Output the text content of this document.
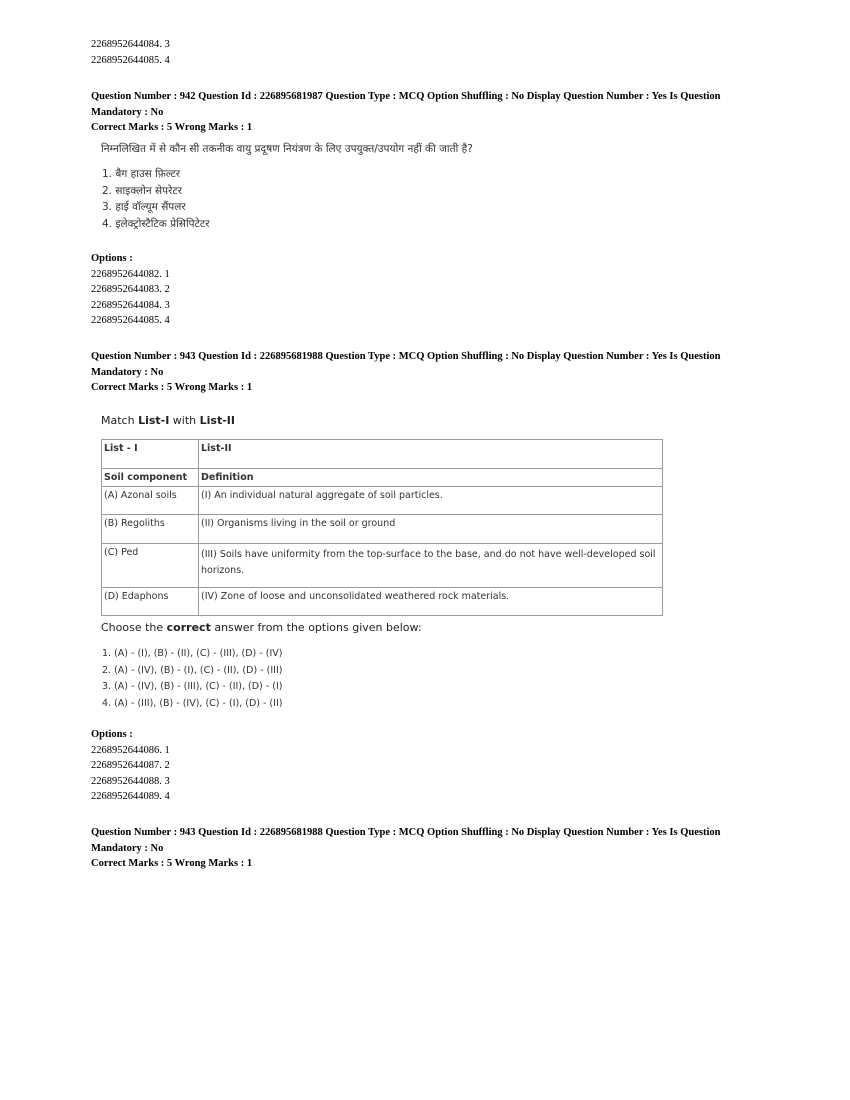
2268952644084. 3
2268952644085. 4
Question Number : 942 Question Id : 226895681987 Question Type : MCQ Option Shuffling : No Display Question Number : Yes Is Question
Mandatory : No
Correct Marks : 5 Wrong Marks : 1
निम्नलिखित में से कौन सी तकनीक वायु प्रदूषण नियंत्रण के लिए उपयुक्त/उपयोग नहीं की जाती है?
1. बैग हाउस फ़िल्टर
2. साइक्लोन सेपरेटर
3. हाई वॉल्यूम सैंपलर
4. इलेक्ट्रोस्टैटिक प्रेसिपिटेटर
Options :
2268952644082. 1
2268952644083. 2
2268952644084. 3
2268952644085. 4
Question Number : 943 Question Id : 226895681988 Question Type : MCQ Option Shuffling : No Display Question Number : Yes Is Question
Mandatory : No
Correct Marks : 5 Wrong Marks : 1
Match List-I with List-II
List - I	List-II
Soil component	Definition
(A) Azonal soils	(I) An individual natural aggregate of soil particles.
(B) Regoliths	(II) Organisms living in the soil or ground
(C) Ped	(III) Soils have uniformity from the top-surface to the base, and do not have well-developed soil horizons.
(D) Edaphons	(IV) Zone of loose and unconsolidated weathered rock materials.
Choose the correct answer from the options given below:
1. (A) - (I), (B) - (II), (C) - (III), (D) - (IV)
2. (A) - (IV), (B) - (I), (C) - (II), (D) - (III)
3. (A) - (IV), (B) - (III), (C) - (II), (D) - (I)
4. (A) - (III), (B) - (IV), (C) - (I), (D) - (II)
Options :
2268952644086. 1
2268952644087. 2
2268952644088. 3
2268952644089. 4
Question Number : 943 Question Id : 226895681988 Question Type : MCQ Option Shuffling : No Display Question Number : Yes Is Question
Mandatory : No
Correct Marks : 5 Wrong Marks : 1
